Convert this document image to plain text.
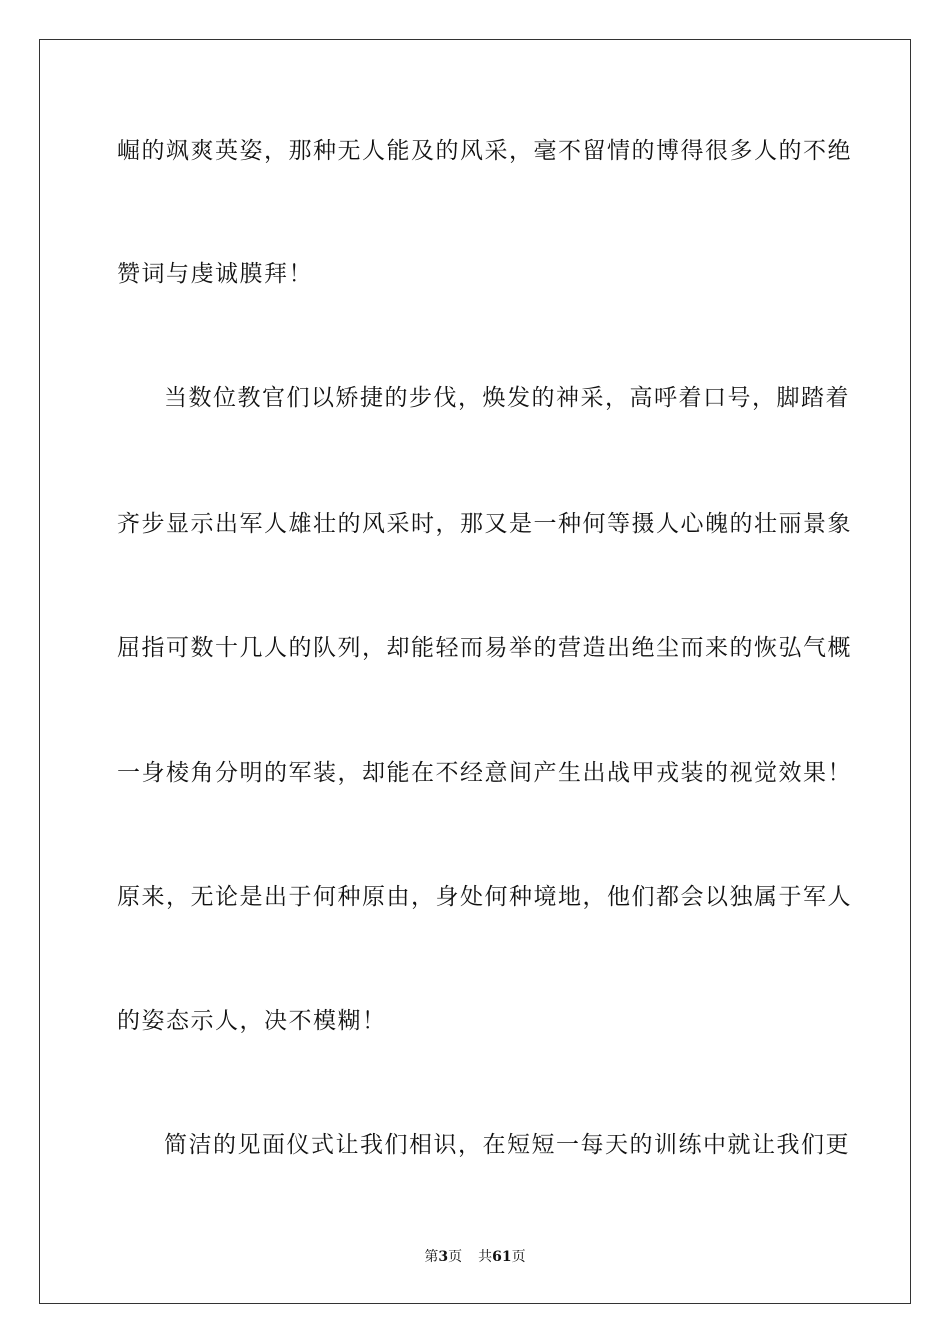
崛的飒爽英姿，那种无人能及的风采，毫不留情的博得很多人的不绝
赞词与虔诚膜拜！
当数位教官们以矫捷的步伐，焕发的神采，高呼着口号，脚踏着
齐步显示出军人雄壮的风采时，那又是一种何等摄人心魄的壮丽景象
屈指可数十几人的队列，却能轻而易举的营造出绝尘而来的恢弘气概
一身棱角分明的军装，却能在不经意间产生出战甲戎装的视觉效果！
原来，无论是出于何种原由，身处何种境地，他们都会以独属于军人
的姿态示人，决不模糊！
简洁的见面仪式让我们相识，在短短一每天的训练中就让我们更
第3页 共61页
